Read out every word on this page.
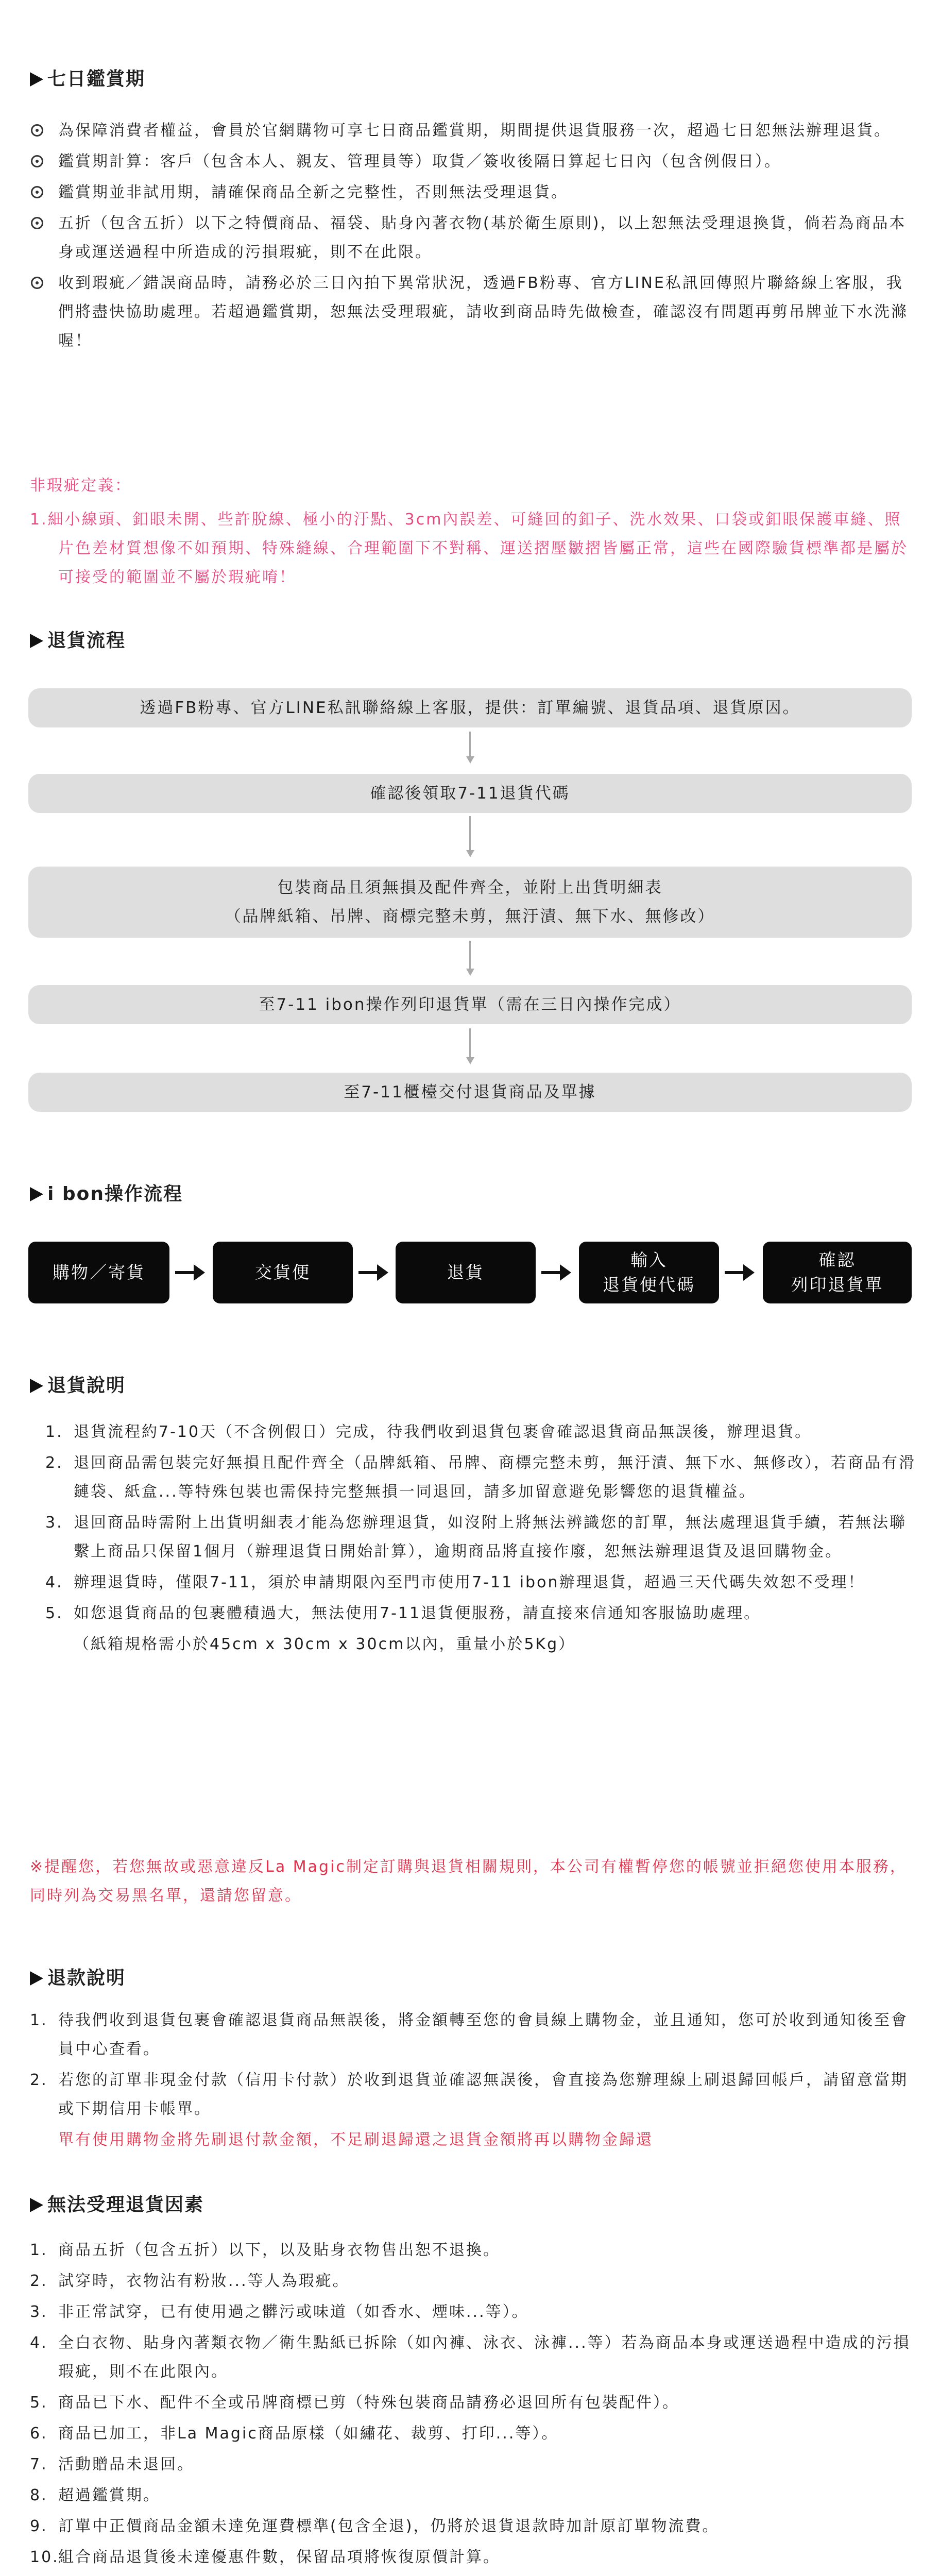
七日鑑賞期
為保障消費者權益，會員於官網購物可享七日商品鑑賞期，期間提供退貨服務一次，超過七日恕無法辦理退貨。
鑑賞期計算：客戶（包含本人、親友、管理員等）取貨／簽收後隔日算起七日內（包含例假日）。
鑑賞期並非試用期，請確保商品全新之完整性，否則無法受理退貨。
五折（包含五折）以下之特價商品、福袋、貼身內著衣物(基於衛生原則)，以上恕無法受理退換貨，倘若為商品本身或運送過程中所造成的污損瑕疵，則不在此限。
收到瑕疵／錯誤商品時，請務必於三日內拍下異常狀況，透過FB粉專、官方LINE私訊回傳照片聯絡線上客服，我們將盡快協助處理。若超過鑑賞期，恕無法受理瑕疵，請收到商品時先做檢查，確認沒有問題再剪吊牌並下水洗滌喔！
非瑕疵定義：
1.細小線頭、釦眼未開、些許脫線、極小的汙點、3cm內誤差、可縫回的釦子、洗水效果、口袋或釦眼保護車縫、照片色差材質想像不如預期、特殊縫線、合理範圍下不對稱、運送摺壓皺摺皆屬正常，這些在國際驗貨標準都是屬於可接受的範圍並不屬於瑕疵唷！
退貨流程
透過FB粉專、官方LINE私訊聯絡線上客服，提供：訂單編號、退貨品項、退貨原因。
確認後領取7-11退貨代碼
包裝商品且須無損及配件齊全，並附上出貨明細表
（品牌紙箱、吊牌、商標完整未剪，無汙漬、無下水、無修改）
至7-11 ibon操作列印退貨單（需在三日內操作完成）
至7-11櫃檯交付退貨商品及單據
i bon操作流程
購物／寄貨	交貨便	退貨
輸入
退貨便代碼
確認
列印退貨單
退貨說明
1. 退貨流程約7-10天（不含例假日）完成，待我們收到退貨包裹會確認退貨商品無誤後，辦理退貨。
2. 退回商品需包裝完好無損且配件齊全（品牌紙箱、吊牌、商標完整未剪，無汙漬、無下水、無修改），若商品有滑鏈袋、紙盒...等特殊包裝也需保持完整無損一同退回，請多加留意避免影響您的退貨權益。
3. 退回商品時需附上出貨明細表才能為您辦理退貨，如沒附上將無法辨識您的訂單，無法處理退貨手續，若無法聯繫上商品只保留1個月（辦理退貨日開始計算），逾期商品將直接作廢，恕無法辦理退貨及退回購物金。
4. 辦理退貨時，僅限7-11，須於申請期限內至門市使用7-11 ibon辦理退貨，超過三天代碼失效恕不受理！
5. 如您退貨商品的包裹體積過大，無法使用7-11退貨便服務，請直接來信通知客服協助處理。
（紙箱規格需小於45cm x 30cm x 30cm以內，重量小於5Kg）
※提醒您，若您無故或惡意違反La Magic制定訂購與退貨相關規則，本公司有權暫停您的帳號並拒絕您使用本服務，同時列為交易黑名單，還請您留意。
退款說明
1. 待我們收到退貨包裹會確認退貨商品無誤後，將金額轉至您的會員線上購物金，並且通知，您可於收到通知後至會員中心查看。
2. 若您的訂單非現金付款（信用卡付款）於收到退貨並確認無誤後，會直接為您辦理線上刷退歸回帳戶，請留意當期或下期信用卡帳單。
單有使用購物金將先刷退付款金額，不足刷退歸還之退貨金額將再以購物金歸還
無法受理退貨因素
1. 商品五折（包含五折）以下，以及貼身衣物售出恕不退換。
2. 試穿時，衣物沾有粉妝...等人為瑕疵。
3. 非正常試穿，已有使用過之髒污或味道（如香水、煙味...等）。
4. 全白衣物、貼身內著類衣物／衛生點紙已拆除（如內褲、泳衣、泳褲...等）若為商品本身或運送過程中造成的污損瑕疵，則不在此限內。
5. 商品已下水、配件不全或吊牌商標已剪（特殊包裝商品請務必退回所有包裝配件）。
6. 商品已加工，非La Magic商品原樣（如繡花、裁剪、打印...等）。
7. 活動贈品未退回。
8. 超過鑑賞期。
9. 訂單中正價商品金額未達免運費標準(包含全退)，仍將於退貨退款時加計原訂單物流費。
10.
組合商品退貨後未達優惠件數，保留品項將恢復原價計算。
